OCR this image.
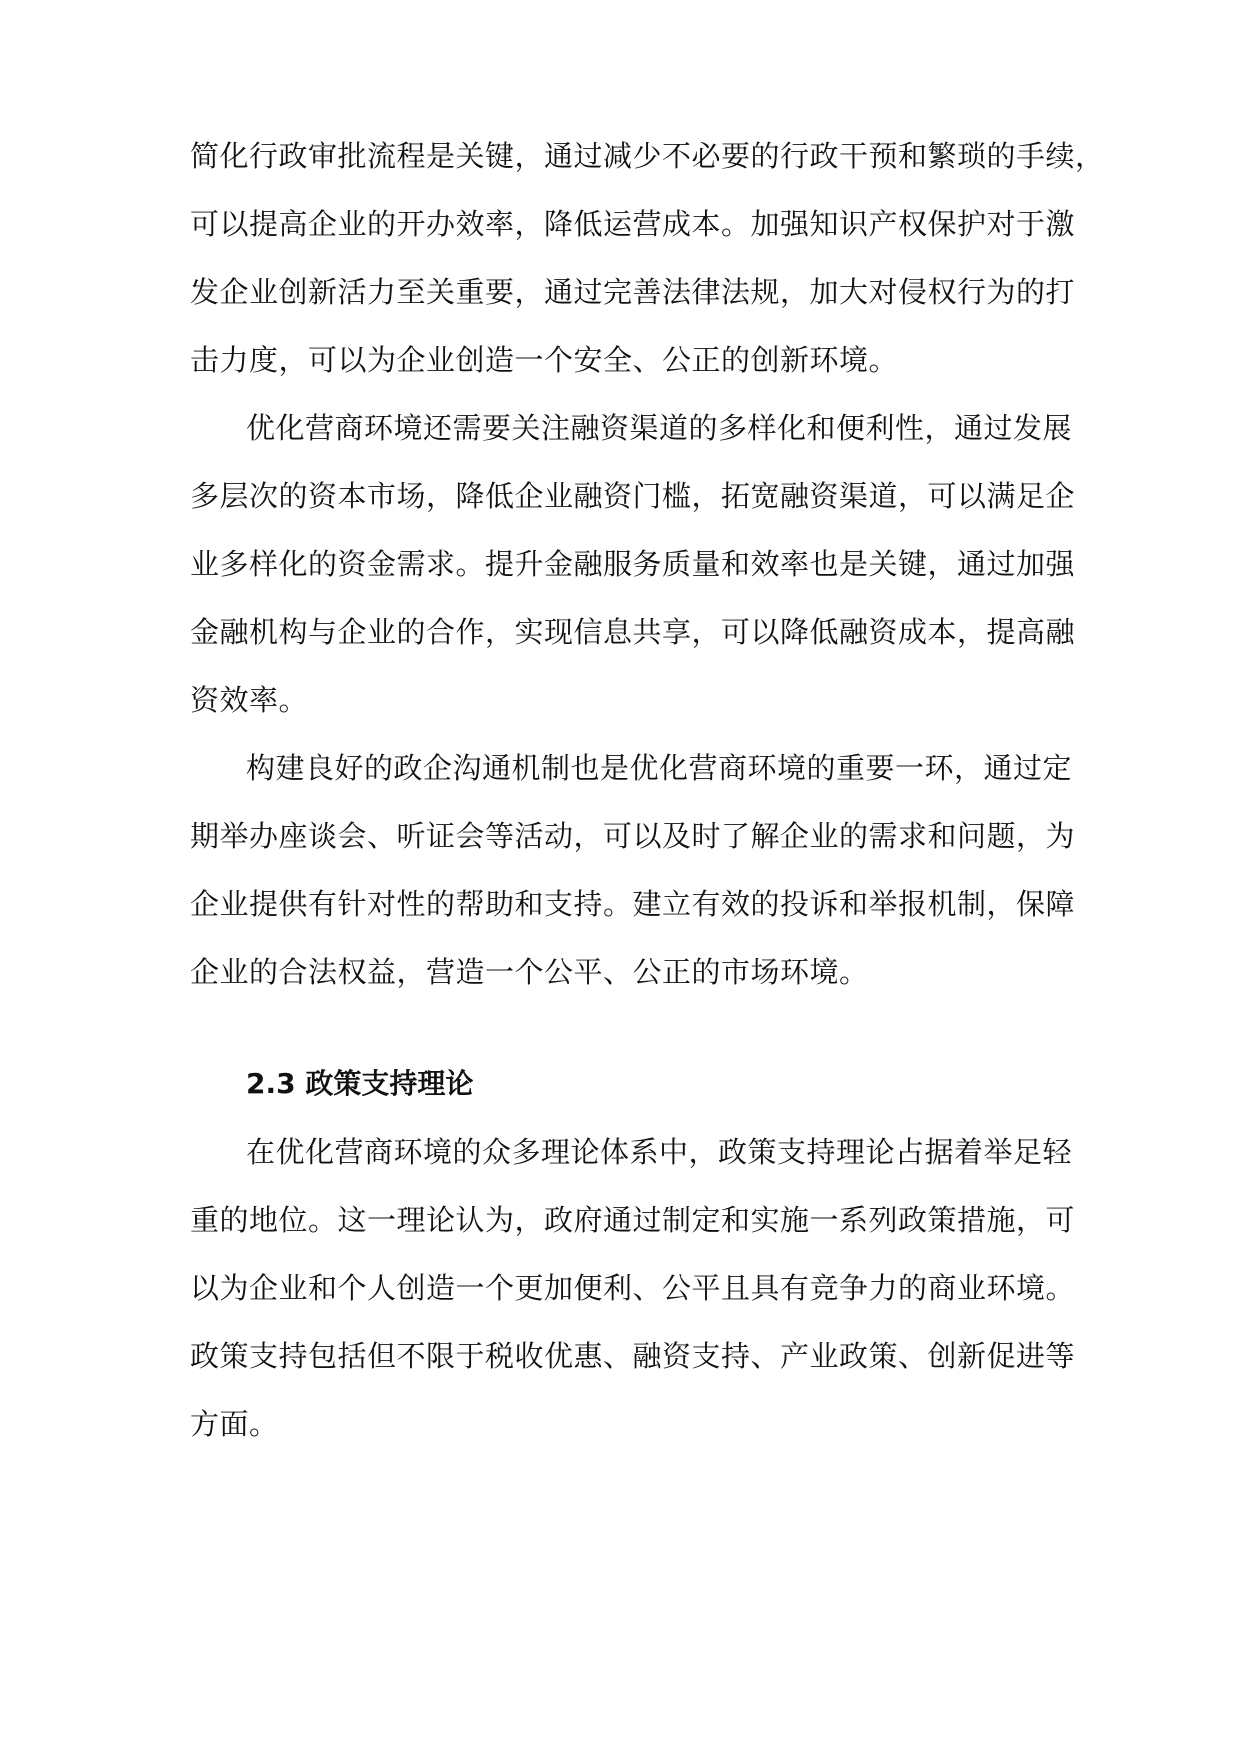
简化行政审批流程是关键，通过减少不必要的行政干预和繁琐的手续，
可以提高企业的开办效率，降低运营成本。加强知识产权保护对于激
发企业创新活力至关重要，通过完善法律法规，加大对侵权行为的打
击力度，可以为企业创造一个安全、公正的创新环境。
优化营商环境还需要关注融资渠道的多样化和便利性，通过发展
多层次的资本市场，降低企业融资门槛，拓宽融资渠道，可以满足企
业多样化的资金需求。提升金融服务质量和效率也是关键，通过加强
金融机构与企业的合作，实现信息共享，可以降低融资成本，提高融
资效率。
构建良好的政企沟通机制也是优化营商环境的重要一环，通过定
期举办座谈会、听证会等活动，可以及时了解企业的需求和问题，为
企业提供有针对性的帮助和支持。建立有效的投诉和举报机制，保障
企业的合法权益，营造一个公平、公正的市场环境。
2.3 政策支持理论
在优化营商环境的众多理论体系中，政策支持理论占据着举足轻
重的地位。这一理论认为，政府通过制定和实施一系列政策措施，可
以为企业和个人创造一个更加便利、公平且具有竞争力的商业环境。
政策支持包括但不限于税收优惠、融资支持、产业政策、创新促进等
方面。
